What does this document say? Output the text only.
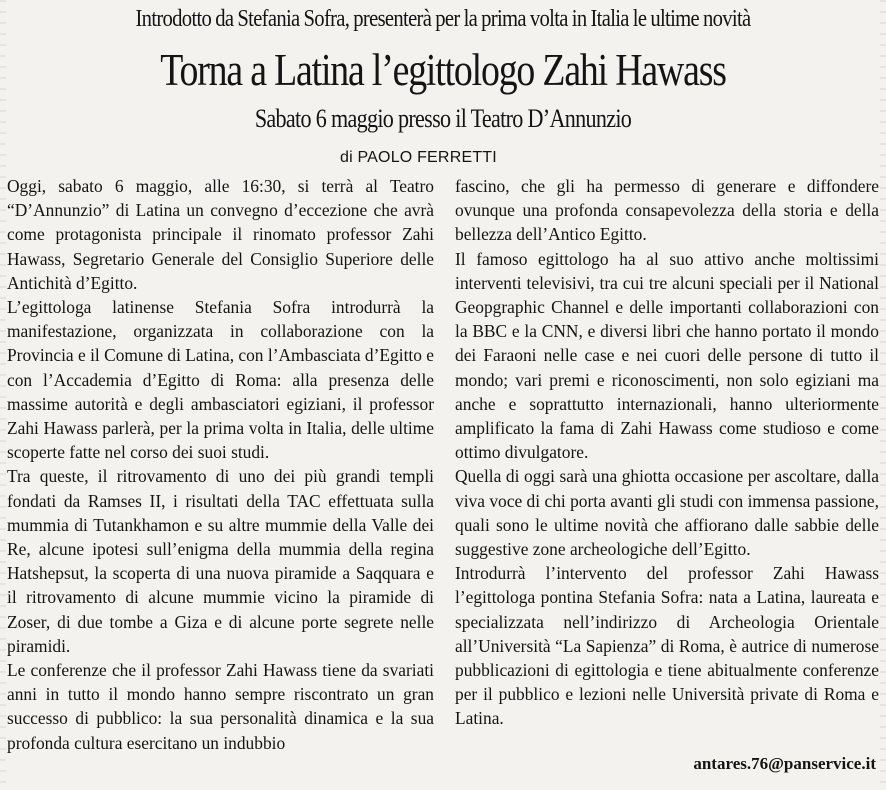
Introdotto da Stefania Sofra, presenterà per la prima volta in Italia le ultime novità
Torna a Latina l’egittologo Zahi Hawass
Sabato 6 maggio presso il Teatro D’Annunzio
di PAOLO FERRETTI

Oggi, sabato 6 maggio, alle 16:30, si terrà al Teatro “D’Annunzio” di Latina un convegno d’eccezione che avrà come protagonista principale il rinomato professor Zahi Hawass, Segretario Generale del Consiglio Superiore delle Antichità d’Egitto.

L’egittologa latinense Stefania Sofra introdurrà la manifestazione, organizzata in collaborazione con la Provincia e il Comune di Latina, con l’Ambasciata d’Egitto e con l’Accademia d’Egitto di Roma: alla presenza delle massime autorità e degli ambasciatori egiziani, il professor Zahi Hawass parlerà, per la prima volta in Italia, delle ultime scoperte fatte nel corso dei suoi studi.

Tra queste, il ritrovamento di uno dei più grandi templi fondati da Ramses II, i risultati della TAC effettuata sulla mummia di Tutankhamon e su altre mummie della Valle dei Re, alcune ipotesi sull’enigma della mummia della regina Hatshepsut, la scoperta di una nuova piramide a Saqquara e il ritrovamento di alcune mummie vicino la piramide di Zoser, di due tombe a Giza e di alcune porte segrete nelle piramidi.

Le conferenze che il professor Zahi Hawass tiene da svariati anni in tutto il mondo hanno sempre riscontrato un gran successo di pubblico: la sua personalità dinamica e la sua profonda cultura esercitano un indubbio

fascino, che gli ha permesso di generare e diffondere ovunque una profonda consapevolezza della storia e della bellezza dell’Antico Egitto.

Il famoso egittologo ha al suo attivo anche moltissimi interventi televisivi, tra cui tre alcuni speciali per il National Geopgraphic Channel e delle importanti collaborazioni con la BBC e la CNN, e diversi libri che hanno portato il mondo dei Faraoni nelle case e nei cuori delle persone di tutto il mondo; vari premi e riconoscimenti, non solo egiziani ma anche e soprattutto internazionali, hanno ulteriormente amplificato la fama di Zahi Hawass come studioso e come ottimo divulgatore.

Quella di oggi sarà una ghiotta occasione per ascoltare, dalla viva voce di chi porta avanti gli studi con immensa passione, quali sono le ultime novità che affiorano dalle sabbie delle suggestive zone archeologiche dell’Egitto.

Introdurrà l’intervento del professor Zahi Hawass l’egittologa pontina Stefania Sofra: nata a Latina, laureata e specializzata nell’indirizzo di Archeologia Orientale all’Università “La Sapienza” di Roma, è autrice di numerose pubblicazioni di egittologia e tiene abitualmente conferenze per il pubblico e lezioni nelle Università private di Roma e Latina.

antares.76@panservice.it
